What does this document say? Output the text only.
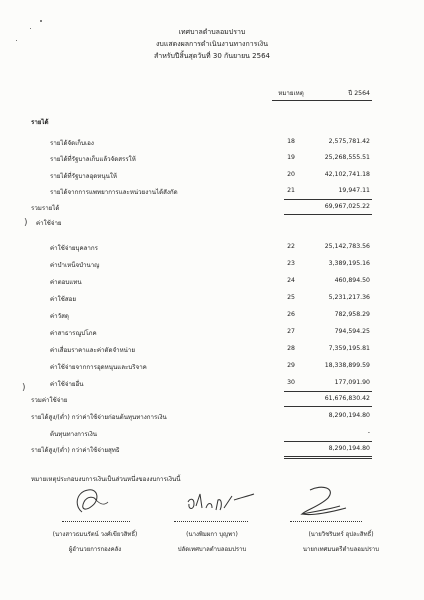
เทศบาลตำบลอมปราบ
งบแสดงผลการดำเนินงานทางการเงิน
สำหรับปีสิ้นสุดวันที่ 30 กันยายน 2564
หมายเหตุ	ปี 2564
รายได้
รายได้จัดเก็บเอง	18	2,575,781.42
รายได้ที่รัฐบาลเก็บแล้วจัดสรรให้	19	25,268,555.51
รายได้ที่รัฐบาลอุดหนุนให้	20	42,102,741.18
รายได้จากการแพทยาการและหน่วยงานได้สังกัด	21	19,947.11
รวมรายได้	69,967,025.22
ค่าใช้จ่าย
ค่าใช้จ่ายบุคลากร	22	25,142,783.56
ค่าบำเหน็จบำนาญ	23	3,389,195.16
ค่าตอบแทน	24	460,894.50
ค่าใช้สอย	25	5,231,217.36
ค่าวัสดุ	26	782,958.29
ค่าสาธารณูปโภค	27	794,594.25
ค่าเสื่อมราคาและค่าตัดจำหน่าย	28	7,359,195.81
ค่าใช้จ่ายจากการอุดหนุนและบริจาค	29	18,338,899.59
ค่าใช้จ่ายอื่น	30	177,091.90
รวมค่าใช้จ่าย	61,676,830.42
รายได้สูง/(ต่ำ) กว่าค่าใช้จ่ายก่อนต้นทุนทางการเงิน	8,290,194.80
ต้นทุนทางการเงิน	-
รายได้สูง/(ต่ำ) กว่าค่าใช้จ่ายสุทธิ	8,290,194.80
หมายเหตุประกอบงบการเงินเป็นส่วนหนึ่งของงบการเงินนี้
(นางสาวธมนรัตน์ วงศ์เขียวสิทธิ์)
ผู้อำนวยการกองคลัง
(นางพิมผกา บุญพา)
ปลัดเทศบาลตำบลอมปราบ
(นายวิชรินทร์ อุปละสิทธิ์)
นายกเทศมนตรีตำบลอมปราบ
)
)
